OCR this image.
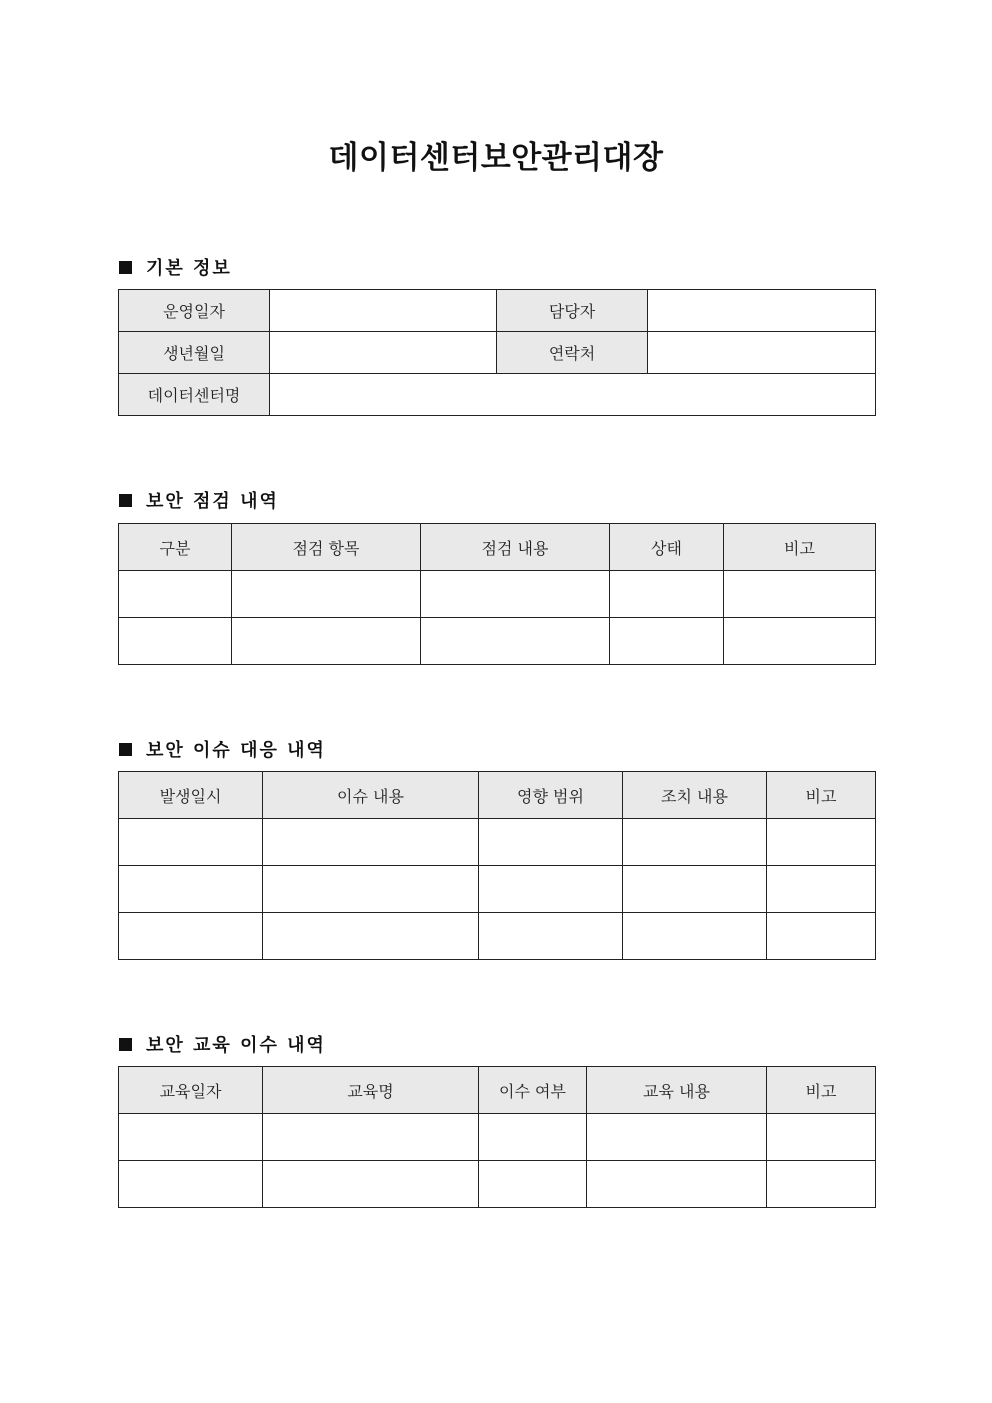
데이터센터보안관리대장
기본 정보
운영일자		담당자	
생년월일		연락처	
데이터센터명			
보안 점검 내역
구분	점검 항목	점검 내용	상태	비고

보안 이슈 대응 내역
발생일시	이슈 내용	영향 범위	조치 내용	비고

보안 교육 이수 내역
교육일자	교육명	이수 여부	교육 내용	비고
